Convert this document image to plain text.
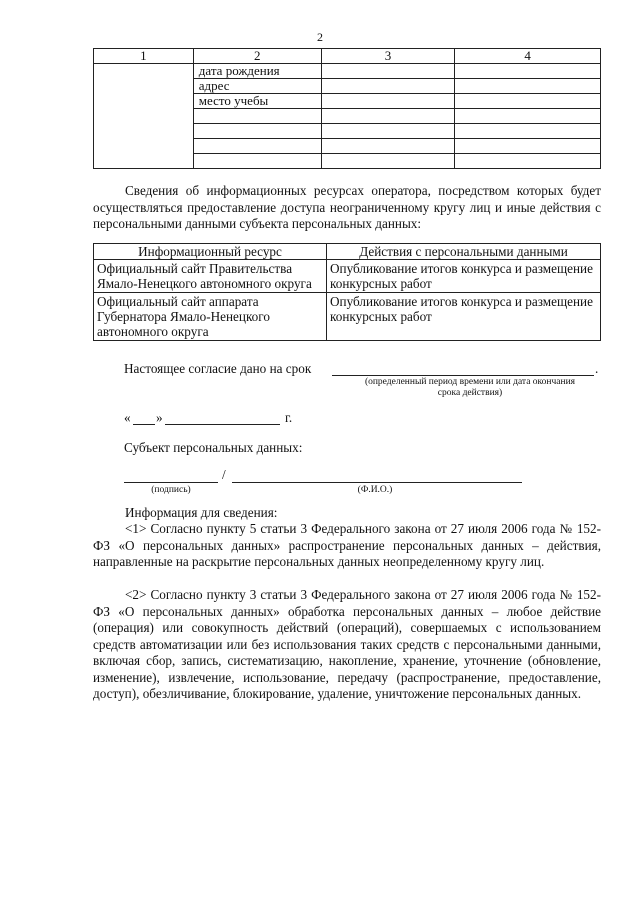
2
1	2	3	4
	дата рождения		
	адрес		
	место учебы		

Сведения об информационных ресурсах оператора, посредством которых будет осуществляться предоставление доступа неограниченному кругу лиц и иные действия с персональными данными субъекта персональных данных:
Информационный ресурс	Действия с персональными данными
Официальный сайт Правительства Ямало-Ненецкого автономного округа	Опубликование итогов конкурса и размещение конкурсных работ
Официальный сайт аппарата Губернатора Ямало-Ненецкого автономного округа	Опубликование итогов конкурса и размещение конкурсных работ
Настоящее согласие дано на срок	.
(определенный период времени или дата окончания
срока действия)
« »	г.
Субъект персональных данных:
/
(подпись)	(Ф.И.О.)
Информация для сведения:
<1> Согласно пункту 5 статьи 3 Федерального закона от 27 июля 2006 года № 152-ФЗ «О персональных данных» распространение персональных данных – действия, направленные на раскрытие персональных данных неопределенному кругу лиц.
<2> Согласно пункту 3 статьи 3 Федерального закона от 27 июля 2006 года № 152-ФЗ «О персональных данных» обработка персональных данных – любое действие (операция) или совокупность действий (операций), совершаемых с использованием средств автоматизации или без использования таких средств с персональными данными, включая сбор, запись, систематизацию, накопление, хранение, уточнение (обновление, изменение), извлечение, использование, передачу (распространение, предоставление, доступ), обезличивание, блокирование, удаление, уничтожение персональных данных.
